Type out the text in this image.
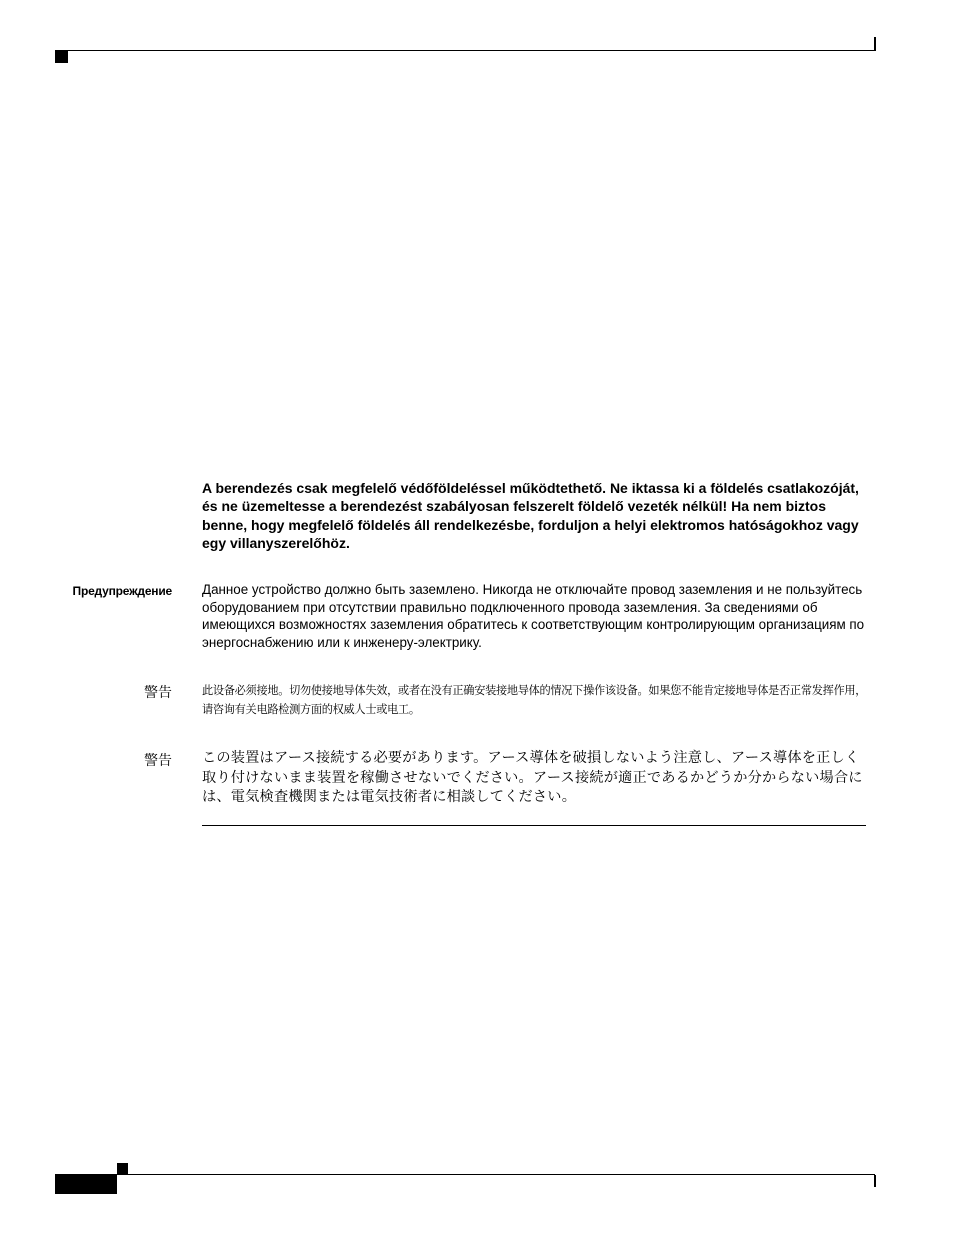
A berendezés csak megfelelő védőföldeléssel működtethető. Ne iktassa ki a földelés csatlakozóját, és ne üzemeltesse a berendezést szabályosan felszerelt földelő vezeték nélkül! Ha nem biztos benne, hogy megfelelő földelés áll rendelkezésbe, forduljon a helyi elektromos hatóságokhoz vagy egy villanyszerelőhöz.

Предупреждение Данное устройство должно быть заземлено. Никогда не отключайте провод заземления и не пользуйтесь оборудованием при отсутствии правильно подключенного провода заземления. За сведениями об имеющихся возможностях заземления обратитесь к соответствующим контролирующим организациям по энергоснабжению или к инженеру-электрику.

警告	此设备必须接地。切勿使接地导体失效，或者在没有正确安装接地导体的情况下操作该设备。如果您不能肯定接地导体是否正常发挥作用，请咨询有关电路检测方面的权威人士或电工。

警告 この装置はアース接続する必要があります。アース導体を破損しないよう注意し、アース導体を正しく取り付けないまま装置を稼働させないでください。アース接続が適正であるかどうか分からない場合には、電気検査機関または電気技術者に相談してください。
